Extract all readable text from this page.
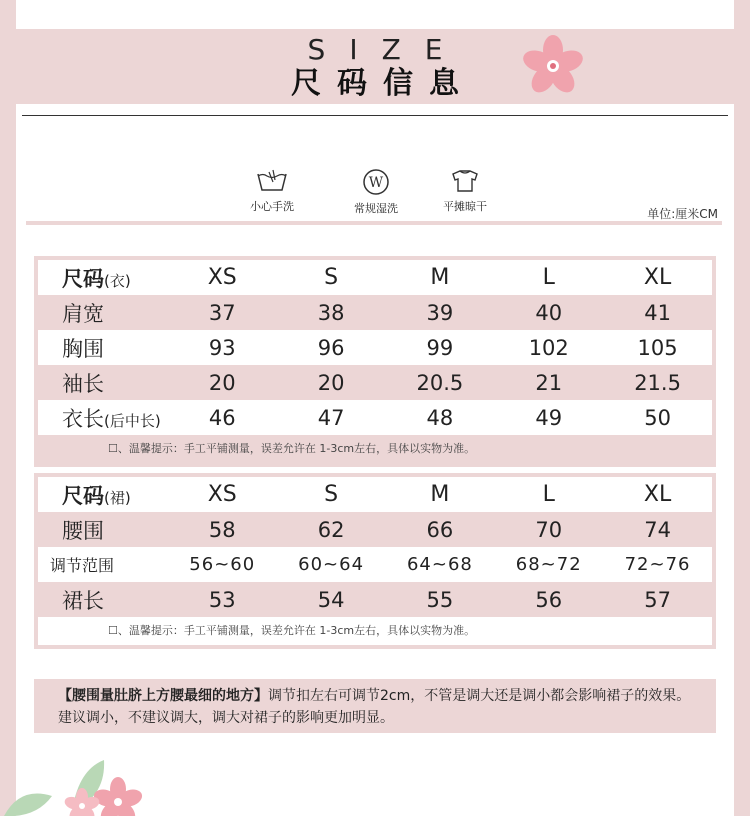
SIZE
尺码信息
小心手洗
W
常规湿洗	平摊晾干
单位:厘米CM
尺码(衣)	XS	S	M	L	XL
肩宽	37	38	39	40	41
胸围	93	96	99	102	105
袖长	20	20	20.5	21	21.5
衣长(后中长)	46	47	48	49	50
☐、温馨提示：手工平铺测量，误差允许在 1-3cm左右，具体以实物为准。
尺码(裙)	XS	S	M	L	XL
腰围	58	62	66	70	74
调节范围	56~60	60~64	64~68	68~72	72~76
裙长	53	54	55	56	57
☐、温馨提示：手工平铺测量，误差允许在 1-3cm左右，具体以实物为准。
【腰围量肚脐上方腰最细的地方】调节扣左右可调节2cm，不管是调大还是调小都会影响裙子的效果。建议调小，不建议调大，调大对裙子的影响更加明显。
